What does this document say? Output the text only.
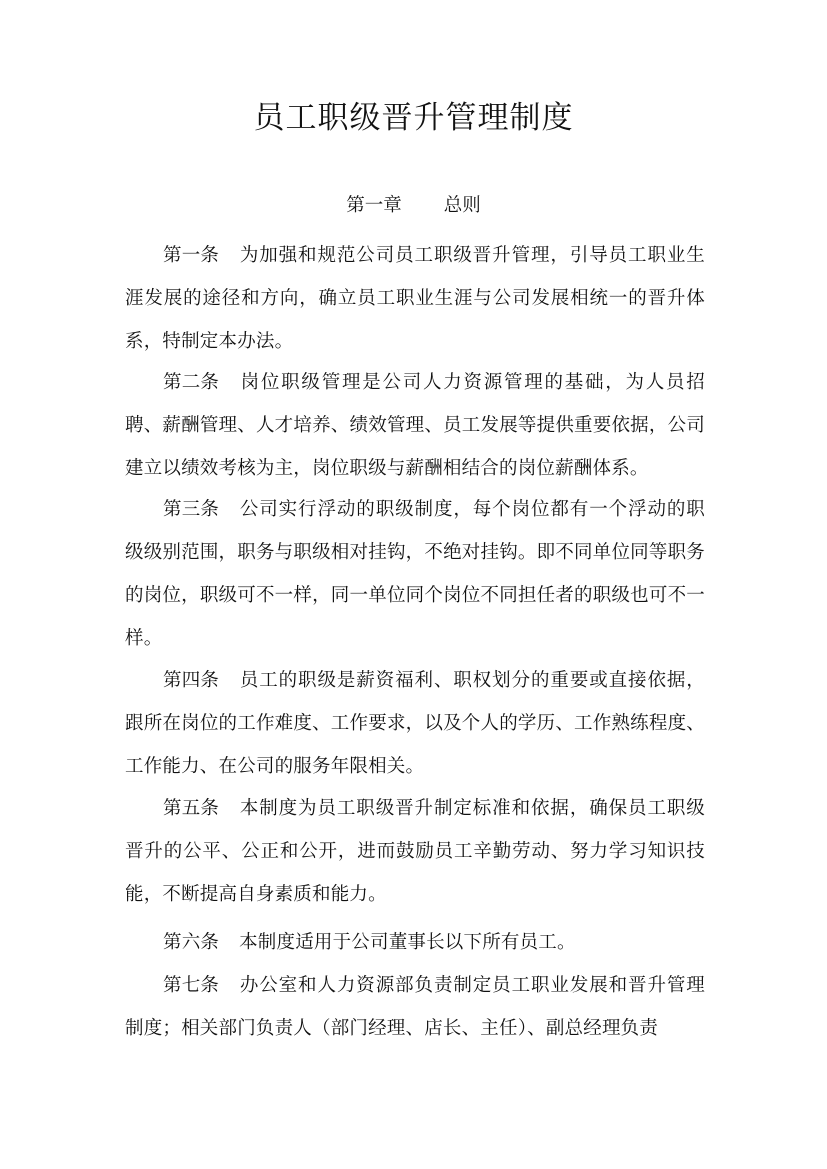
员工职级晋升管理制度
第一章 总则

第一条 为加强和规范公司员工职级晋升管理，引导员工职业生涯发展的途径和方向，确立员工职业生涯与公司发展相统一的晋升体系，特制定本办法。

第二条 岗位职级管理是公司人力资源管理的基础，为人员招聘、薪酬管理、人才培养、绩效管理、员工发展等提供重要依据，公司建立以绩效考核为主，岗位职级与薪酬相结合的岗位薪酬体系。

第三条 公司实行浮动的职级制度，每个岗位都有一个浮动的职级级别范围，职务与职级相对挂钩，不绝对挂钩。即不同单位同等职务的岗位，职级可不一样，同一单位同个岗位不同担任者的职级也可不一样。

第四条 员工的职级是薪资福利、职权划分的重要或直接依据，跟所在岗位的工作难度、工作要求，以及个人的学历、工作熟练程度、工作能力、在公司的服务年限相关。

第五条 本制度为员工职级晋升制定标准和依据，确保员工职级晋升的公平、公正和公开，进而鼓励员工辛勤劳动、努力学习知识技能，不断提高自身素质和能力。

第六条 本制度适用于公司董事长以下所有员工。

第七条 办公室和人力资源部负责制定员工职业发展和晋升管理制度；相关部门负责人（部门经理、店长、主任）、副总经理负责
